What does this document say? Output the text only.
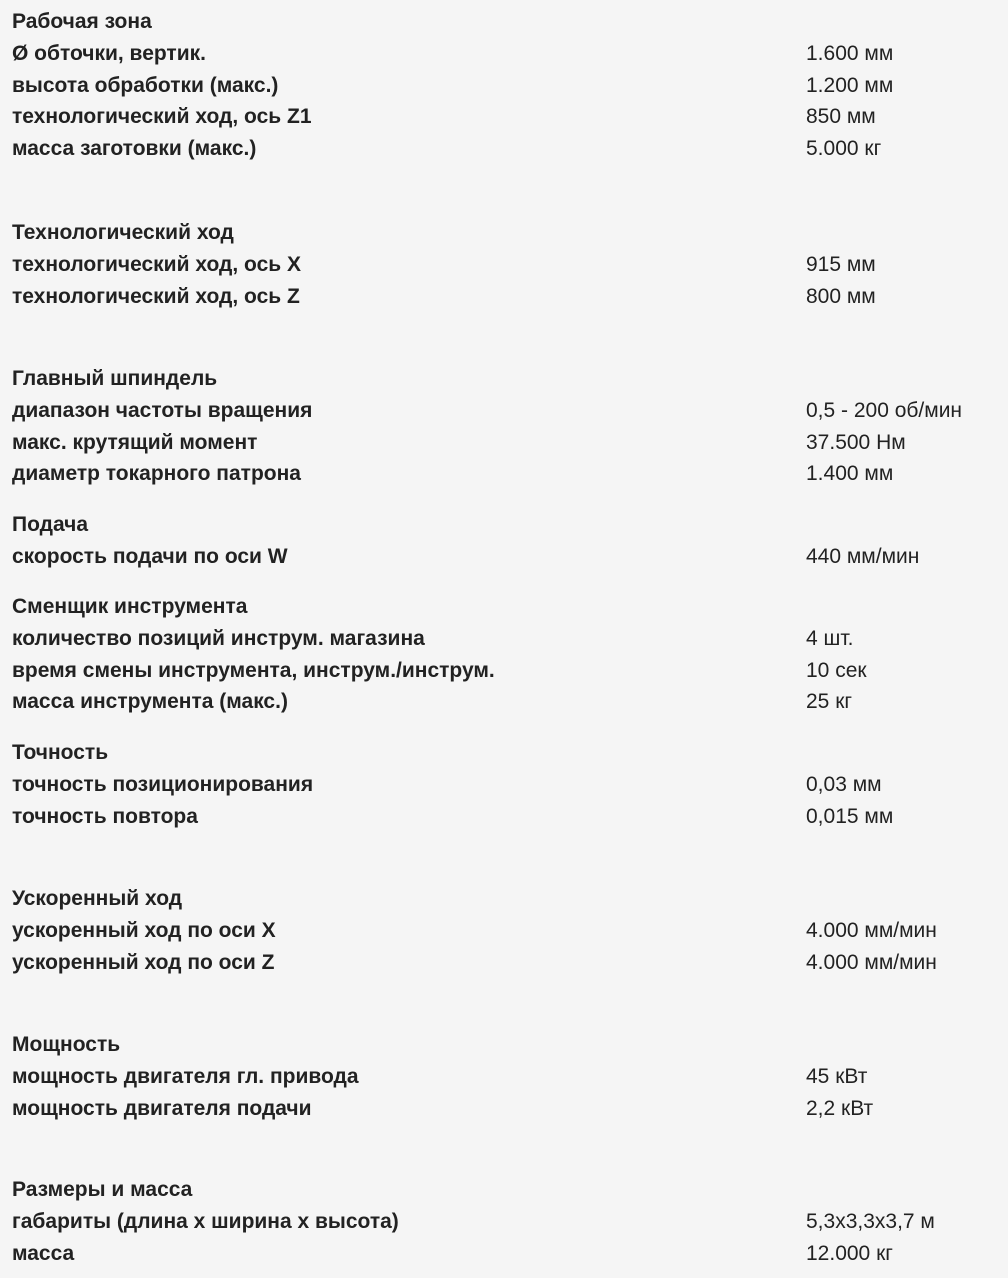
Рабочая зона
Ø обточки, вертик.	1.600 мм
высота обработки (макс.)	1.200 мм
технологический ход, ось Z1	850 мм
масса заготовки (макс.)	5.000 кг
Технологический ход
технологический ход, ось X	915 мм
технологический ход, ось Z	800 мм
Главный шпиндель
диапазон частоты вращения	0,5 - 200 об/мин
макс. крутящий момент	37.500 Нм
диаметр токарного патрона	1.400 мм
Подача
скорость подачи по оси W	440 мм/мин
Сменщик инструмента
количество позиций инструм. магазина	4 шт.
время смены инструмента, инструм./инструм.	10 сек
масса инструмента (макс.)	25 кг
Точность
точность позиционирования	0,03 мм
точность повтора	0,015 мм
Ускоренный ход
ускоренный ход по оси X	4.000 мм/мин
ускоренный ход по оси Z	4.000 мм/мин
Мощность
мощность двигателя гл. привода	45 кВт
мощность двигателя подачи	2,2 кВт
Размеры и масса
габариты (длина x ширина x высота)	5,3x3,3x3,7 м
масса	12.000 кг
